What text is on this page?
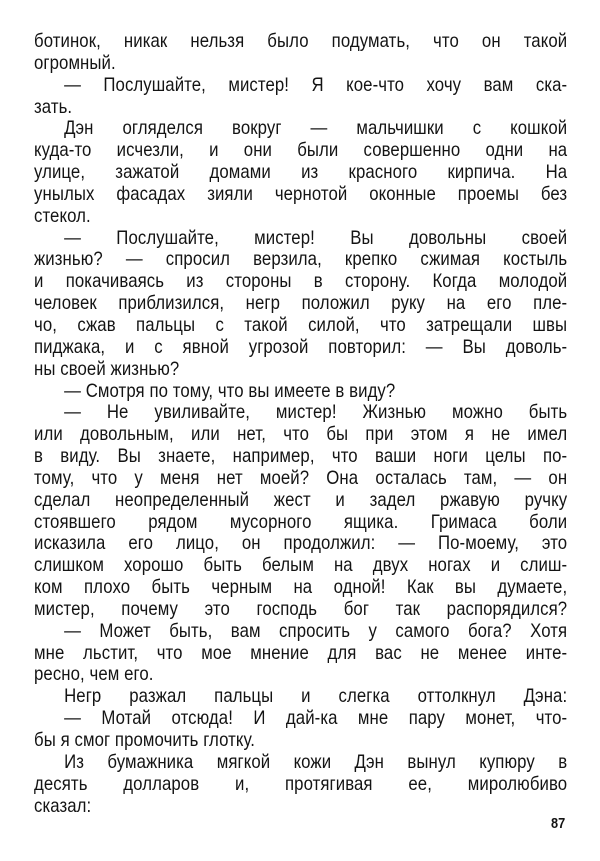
ботинок, никак нельзя было подумать, что он такой
огромный.
— Послушайте, мистер! Я кое-что хочу вам ска-
зать.
Дэн огляделся вокруг — мальчишки с кошкой
куда-то исчезли, и они были совершенно одни на
улице, зажатой домами из красного кирпича. На
унылых фасадах зияли чернотой оконные проемы без
стекол.
— Послушайте, мистер! Вы довольны своей
жизнью? — спросил верзила, крепко сжимая костыль
и покачиваясь из стороны в сторону. Когда молодой
человек приблизился, негр положил руку на его пле-
чо, сжав пальцы с такой силой, что затрещали швы
пиджака, и с явной угрозой повторил: — Вы доволь-
ны своей жизнью?
— Смотря по тому, что вы имеете в виду?
— Не увиливайте, мистер! Жизнью можно быть
или довольным, или нет, что бы при этом я не имел
в виду. Вы знаете, например, что ваши ноги целы по-
тому, что у меня нет моей? Она осталась там, — он
сделал неопределенный жест и задел ржавую ручку
стоявшего рядом мусорного ящика. Гримаса боли
исказила его лицо, он продолжил: — По-моему, это
слишком хорошо быть белым на двух ногах и слиш-
ком плохо быть черным на одной! Как вы думаете,
мистер, почему это господь бог так распорядился?
— Может быть, вам спросить у самого бога? Хотя
мне льстит, что мое мнение для вас не менее инте-
ресно, чем его.
Негр разжал пальцы и слегка оттолкнул Дэна:
— Мотай отсюда! И дай-ка мне пару монет, что-
бы я смог промочить глотку.
Из бумажника мягкой кожи Дэн вынул купюру в
десять долларов и, протягивая ее, миролюбиво
сказал:
87
